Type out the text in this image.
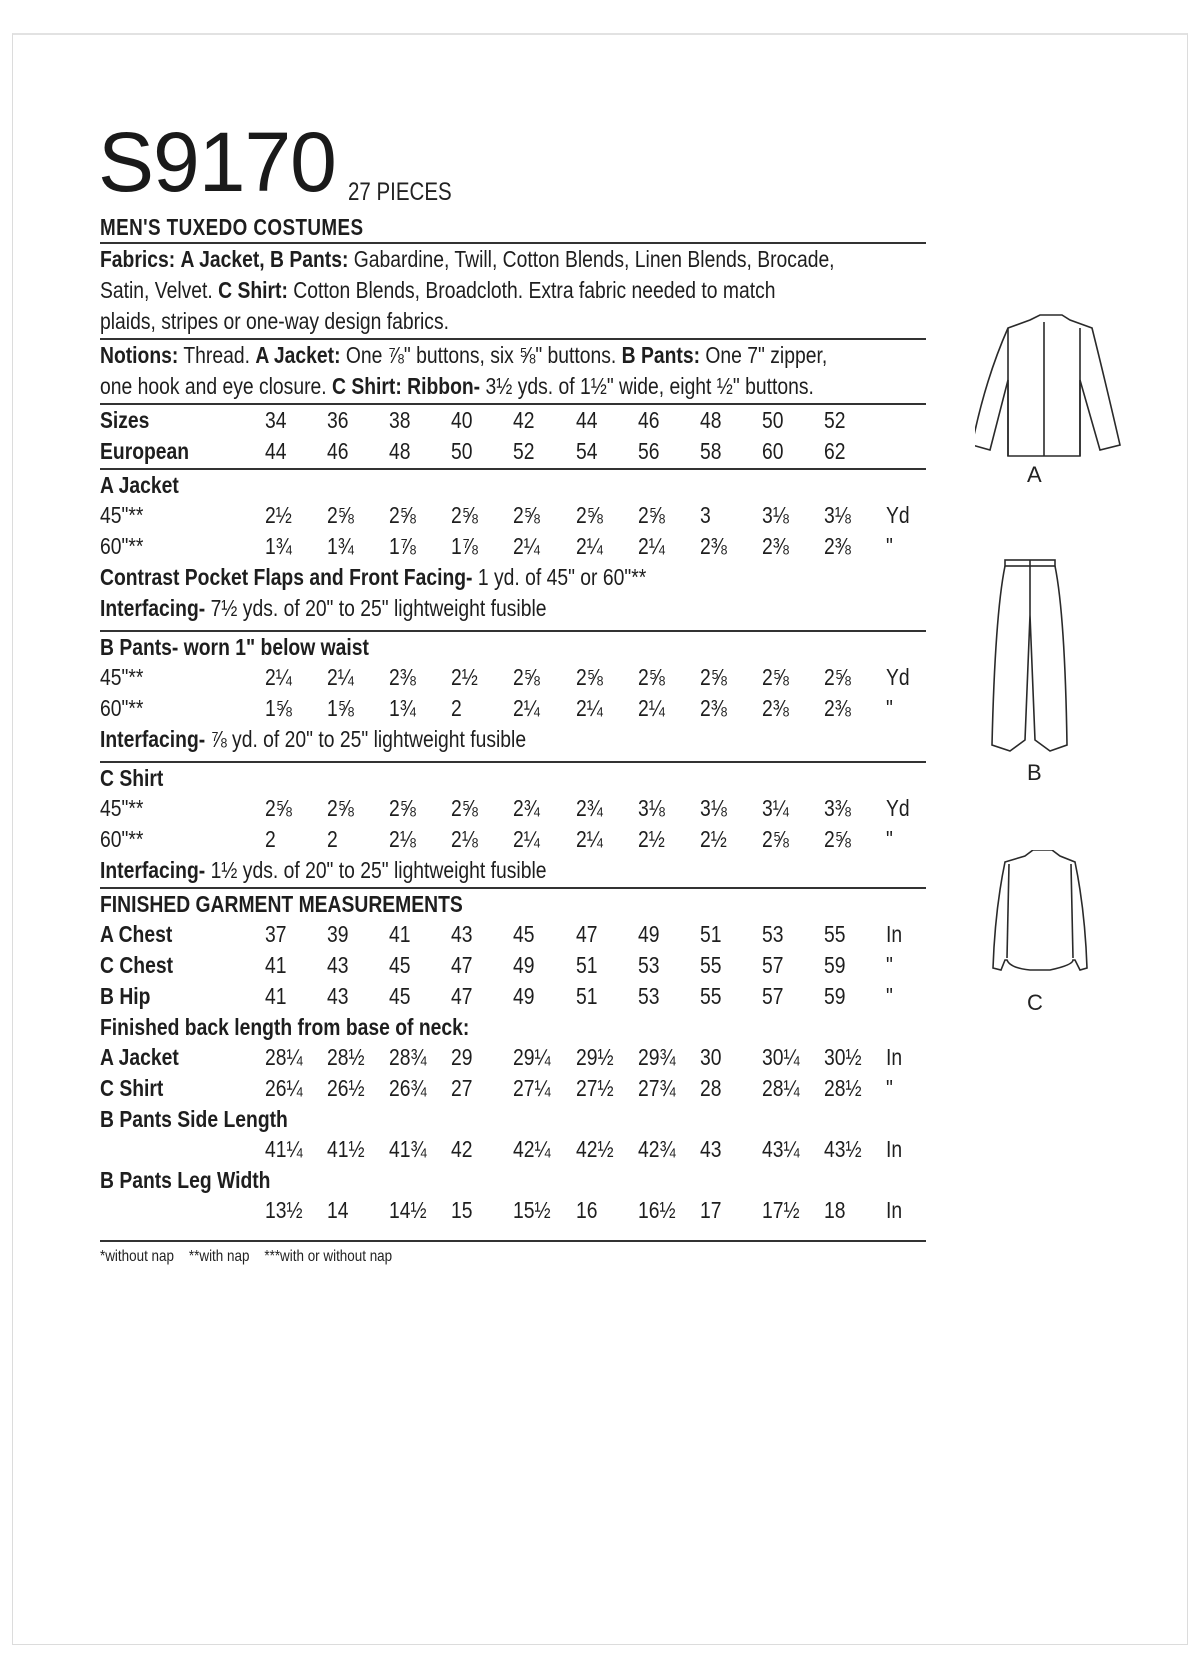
S9170 27 PIECES
MEN'S TUXEDO COSTUMES
Fabrics: A Jacket, B Pants: Gabardine, Twill, Cotton Blends, Linen Blends, Brocade,
Satin, Velvet. C Shirt: Cotton Blends, Broadcloth. Extra fabric needed to match
plaids, stripes or one-way design fabrics.
Notions: Thread. A Jacket: One ⅞" buttons, six ⅝" buttons. B Pants: One 7" zipper,
one hook and eye closure. C Shirt: Ribbon- 3½ yds. of 1½" wide, eight ½" buttons.
Sizes	34	36	38	40	42	44	46	48	50	52	
European	44	46	48	50	52	54	56	58	60	62	
A Jacket											
45"**	2½	2⅝	2⅝	2⅝	2⅝	2⅝	2⅝	3	3⅛	3⅛	Yd
60"**	1¾	1¾	1⅞	1⅞	2¼	2¼	2¼	2⅜	2⅜	2⅜	"
Contrast Pocket Flaps and Front Facing- 1 yd. of 45" or 60"**
Interfacing- 7½ yds. of 20" to 25" lightweight fusible
B Pants- worn 1" below waist											
45"**	2¼	2¼	2⅜	2½	2⅝	2⅝	2⅝	2⅝	2⅝	2⅝	Yd
60"**	1⅝	1⅝	1¾	2	2¼	2¼	2¼	2⅜	2⅜	2⅜	"
Interfacing- ⅞ yd. of 20" to 25" lightweight fusible
C Shirt											
45"**	2⅝	2⅝	2⅝	2⅝	2¾	2¾	3⅛	3⅛	3¼	3⅜	Yd
60"**	2	2	2⅛	2⅛	2¼	2¼	2½	2½	2⅝	2⅝	"
Interfacing- 1½ yds. of 20" to 25" lightweight fusible
FINISHED GARMENT MEASUREMENTS											
A Chest	37	39	41	43	45	47	49	51	53	55	In
C Chest	41	43	45	47	49	51	53	55	57	59	"
B Hip	41	43	45	47	49	51	53	55	57	59	"
Finished back length from base of neck:											
A Jacket	28¼	28½	28¾	29	29¼	29½	29¾	30	30¼	30½	In
C Shirt	26¼	26½	26¾	27	27¼	27½	27¾	28	28¼	28½	"
B Pants Side Length											
	41¼	41½	41¾	42	42¼	42½	42¾	43	43¼	43½	In
B Pants Leg Width											
	13½	14	14½	15	15½	16	16½	17	17½	18	In
*without nap    **with nap    ***with or without nap
A
B
C
